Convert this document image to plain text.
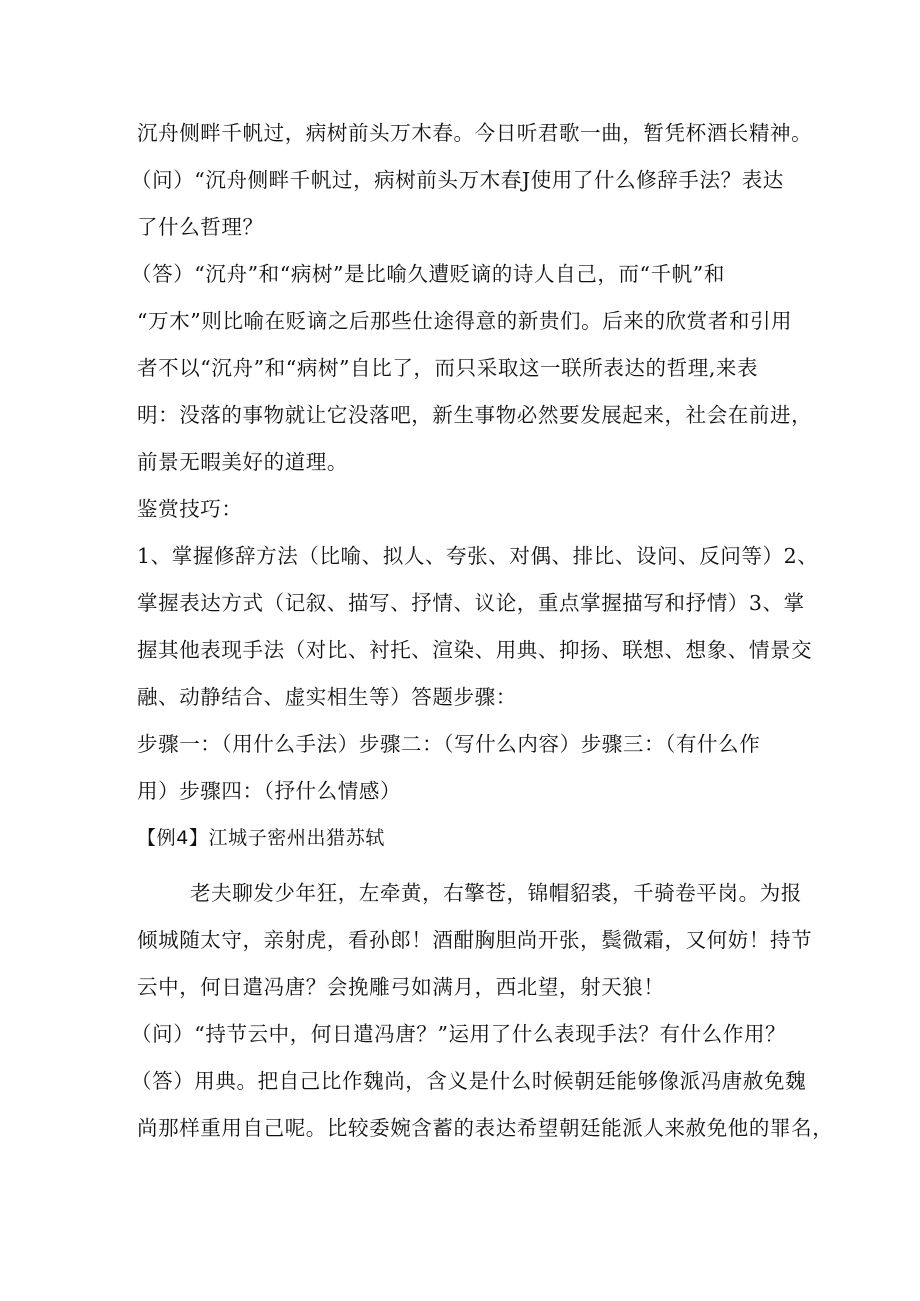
沉舟侧畔千帆过，病树前头万木春。今日听君歌一曲，暂凭杯酒长精神。
（问）“沉舟侧畔千帆过，病树前头万木春J使用了什么修辞手法？表达
了什么哲理？
（答）“沉舟”和“病树”是比喻久遭贬谪的诗人自己，而“千帆”和
“万木”则比喻在贬谪之后那些仕途得意的新贵们。后来的欣赏者和引用
者不以“沉舟”和“病树”自比了，而只采取这一联所表达的哲理,来表
明：没落的事物就让它没落吧，新生事物必然要发展起来，社会在前进，
前景无暇美好的道理。
鉴赏技巧：
1、掌握修辞方法（比喻、拟人、夸张、对偶、排比、设问、反问等）2、
掌握表达方式（记叙、描写、抒情、议论，重点掌握描写和抒情）3、掌
握其他表现手法（对比、衬托、渲染、用典、抑扬、联想、想象、情景交
融、动静结合、虚实相生等）答题步骤：
步骤一：（用什么手法）步骤二：（写什么内容）步骤三：（有什么作
用）步骤四：（抒什么情感）
【例4】江城子密州出猎苏轼
老夫聊发少年狂，左牵黄，右擎苍，锦帽貂裘，千骑卷平岗。为报
倾城随太守，亲射虎，看孙郎！酒酣胸胆尚开张，鬓微霜，又何妨！持节
云中，何日遣冯唐？会挽雕弓如满月，西北望，射天狼！
（问）“持节云中，何日遣冯唐？”运用了什么表现手法？有什么作用？
（答）用典。把自己比作魏尚，含义是什么时候朝廷能够像派冯唐赦免魏
尚那样重用自己呢。比较委婉含蓄的表达希望朝廷能派人来赦免他的罪名，
